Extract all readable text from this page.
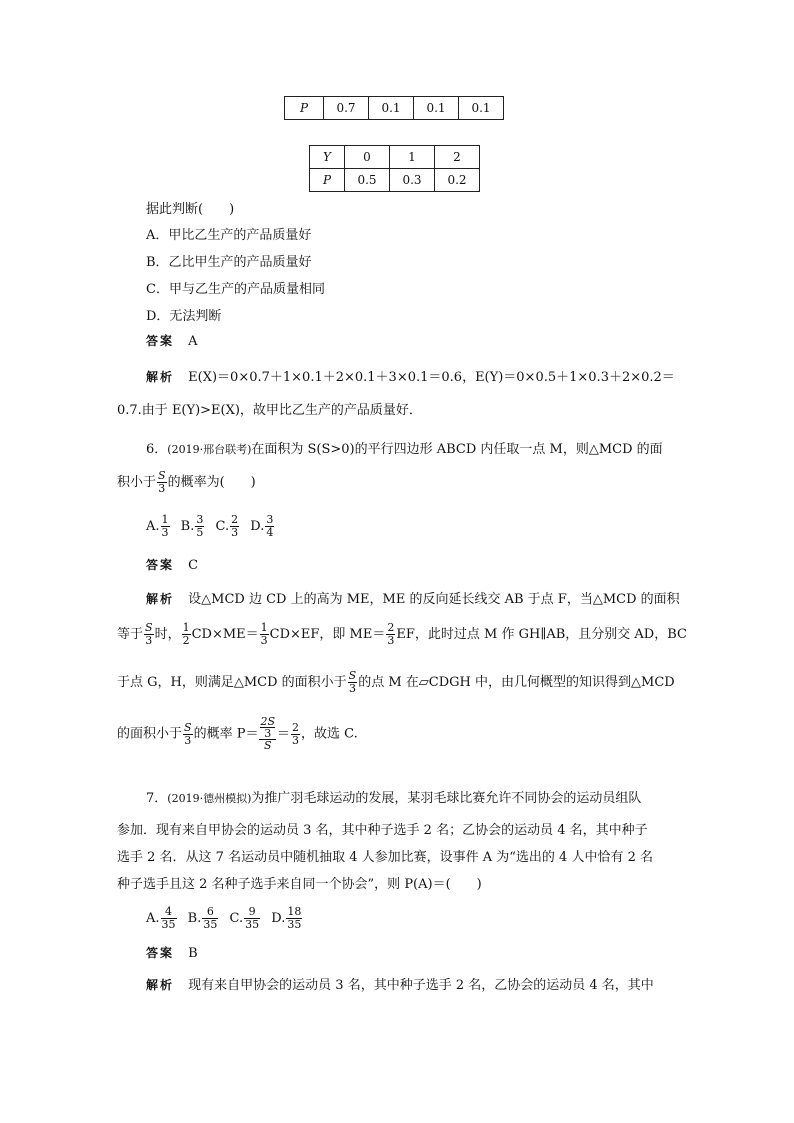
P	0.7	0.1	0.1	0.1
Y	0	1	2
P	0.5	0.3	0.2
据此判断(　　)
A．甲比乙生产的产品质量好
B．乙比甲生产的产品质量好
C．甲与乙生产的产品质量相同
D．无法判断
答案 A
解析 E(X)＝0×0.7＋1×0.1＋2×0.1＋3×0.1＝0.6，E(Y)＝0×0.5＋1×0.3＋2×0.2＝
0.7.由于 E(Y)>E(X)，故甲比乙生产的产品质量好．
6．(2019·邢台联考)在面积为 S(S>0)的平行四边形 ABCD 内任取一点 M，则△MCD 的面
积小于 $\frac{S}{3}$ 的概率为(　　)
A. $\frac{1}{3} B$. $\frac{3}{5} C$. $\frac{2}{3} D$. $\frac{3}{4}$
答案 C
解析 设△MCD 边 CD 上的高为 ME，ME 的反向延长线交 AB 于点 F，当△MCD 的面积
等于 $\frac{S}{3}$ 时， $\frac{1}{2} CD\times ME= \frac{1}{3} CD\times EF$，即 $ME= \frac{2}{3}$ EF，此时过点 M 作 GH∥AB，且分别交 AD，BC
于点 G，H，则满足△MCD 的面积小于 $\frac{S}{3}$ 的点 M 在▱CDGH 中，由几何概型的知识得到△MCD
的面积小于 $\frac{S}{3}$ 的概率 P＝ 2S
3
$S = \frac{2}{3}$ ，故选 C.
7．(2019·德州模拟)为推广羽毛球运动的发展，某羽毛球比赛允许不同协会的运动员组队
参加．现有来自甲协会的运动员 3 名，其中种子选手 2 名；乙协会的运动员 4 名，其中种子
选手 2 名．从这 7 名运动员中随机抽取 4 人参加比赛，设事件 A 为“选出的 4 人中恰有 2 名
种子选手且这 2 名种子选手来自同一个协会”，则 P(A)＝(　　)
A. $\frac{4}{35} B$. $\frac{6}{35} C$. $\frac{9}{35} D$. $\frac{18}{35}$
答案 B
解析 现有来自甲协会的运动员 3 名，其中种子选手 2 名，乙协会的运动员 4 名，其中
